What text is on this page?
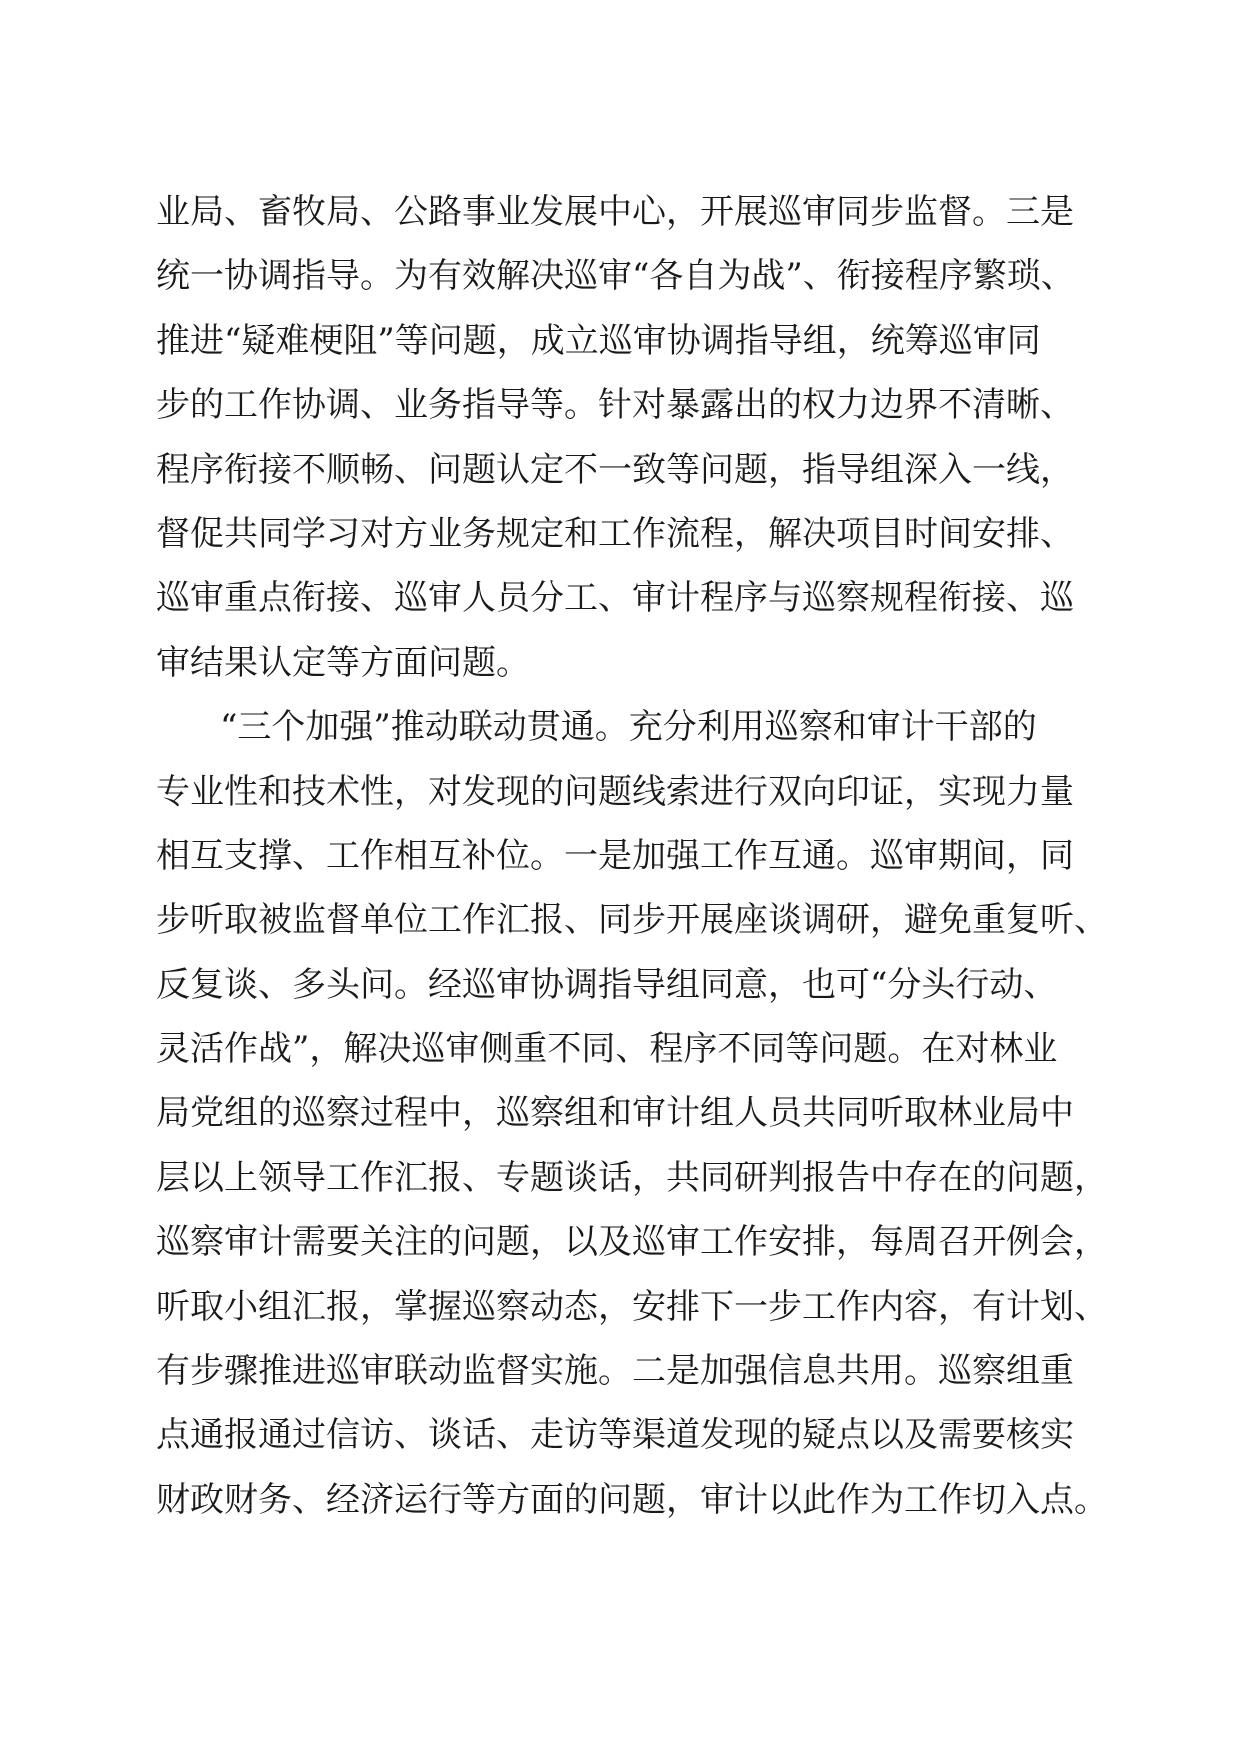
业局、畜牧局、公路事业发展中心，开展巡审同步监督。三是
统一协调指导。为有效解决巡审“各自为战”、衔接程序繁琐、
推进“疑难梗阻”等问题，成立巡审协调指导组，统筹巡审同
步的工作协调、业务指导等。针对暴露出的权力边界不清晰、
程序衔接不顺畅、问题认定不一致等问题，指导组深入一线，
督促共同学习对方业务规定和工作流程，解决项目时间安排、
巡审重点衔接、巡审人员分工、审计程序与巡察规程衔接、巡
审结果认定等方面问题。
“三个加强”推动联动贯通。充分利用巡察和审计干部的
专业性和技术性，对发现的问题线索进行双向印证，实现力量
相互支撑、工作相互补位。一是加强工作互通。巡审期间，同
步听取被监督单位工作汇报、同步开展座谈调研，避免重复听、
反复谈、多头问。经巡审协调指导组同意，也可“分头行动、
灵活作战”，解决巡审侧重不同、程序不同等问题。在对林业
局党组的巡察过程中，巡察组和审计组人员共同听取林业局中
层以上领导工作汇报、专题谈话，共同研判报告中存在的问题，
巡察审计需要关注的问题，以及巡审工作安排，每周召开例会，
听取小组汇报，掌握巡察动态，安排下一步工作内容，有计划、
有步骤推进巡审联动监督实施。二是加强信息共用。巡察组重
点通报通过信访、谈话、走访等渠道发现的疑点以及需要核实
财政财务、经济运行等方面的问题，审计以此作为工作切入点。
